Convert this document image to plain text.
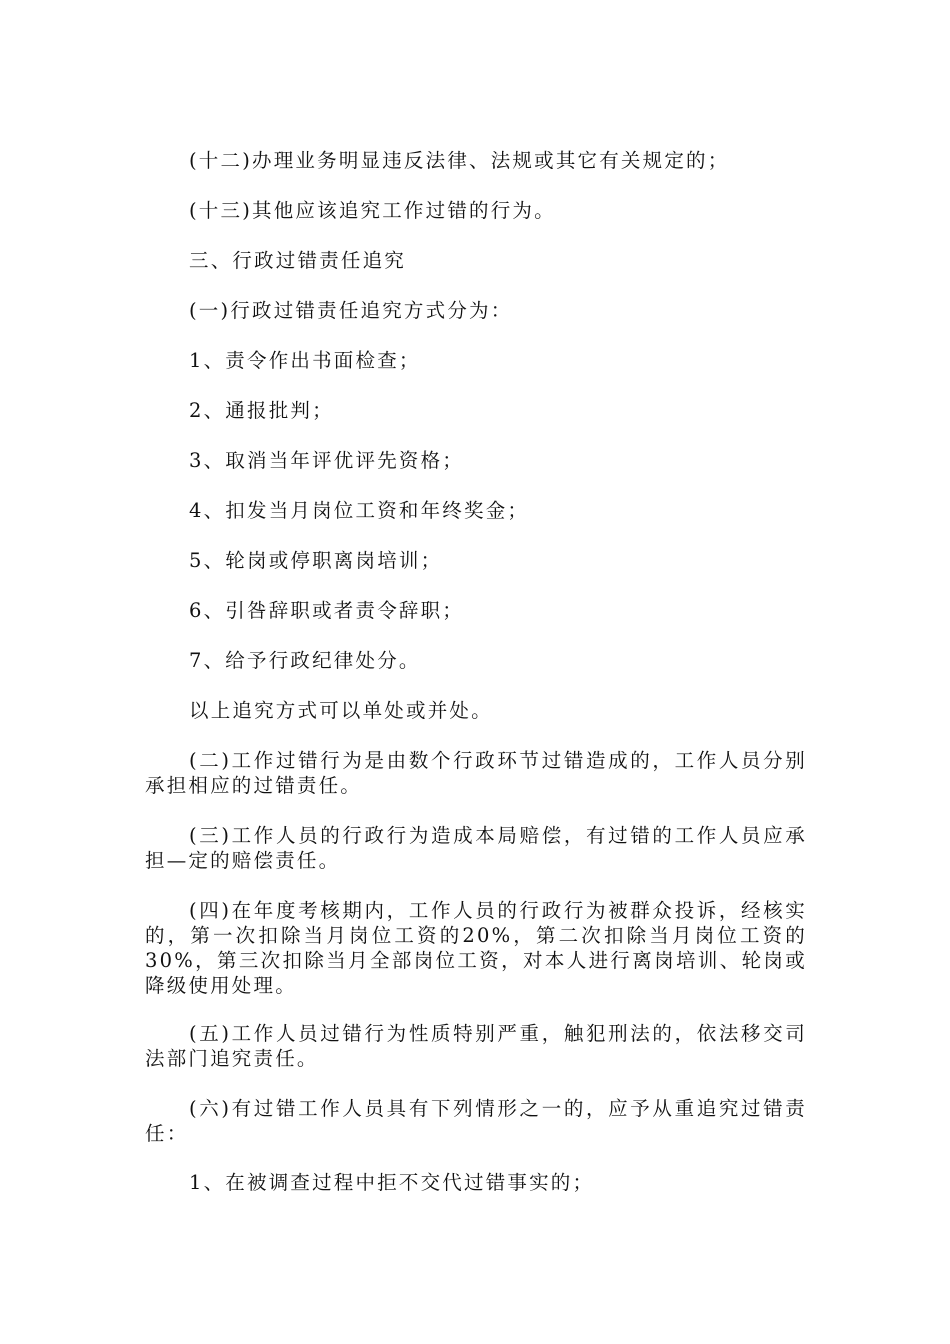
(十二)办理业务明显违反法律、法规或其它有关规定的；

(十三)其他应该追究工作过错的行为。

三、行政过错责任追究

(一)行政过错责任追究方式分为：

1、责令作出书面检查；

2、通报批判；

3、取消当年评优评先资格；

4、扣发当月岗位工资和年终奖金；

5、轮岗或停职离岗培训；

6、引咎辞职或者责令辞职；

7、给予行政纪律处分。

以上追究方式可以单处或并处。

(二)工作过错行为是由数个行政环节过错造成的，工作人员分别承担相应的过错责任。

(三)工作人员的行政行为造成本局赔偿，有过错的工作人员应承担—定的赔偿责任。

(四)在年度考核期内，工作人员的行政行为被群众投诉，经核实的，第一次扣除当月岗位工资的20%，第二次扣除当月岗位工资的30%，第三次扣除当月全部岗位工资，对本人进行离岗培训、轮岗或降级使用处理。

(五)工作人员过错行为性质特别严重，触犯刑法的，依法移交司法部门追究责任。

(六)有过错工作人员具有下列情形之一的，应予从重追究过错责任：

1、在被调查过程中拒不交代过错事实的；
